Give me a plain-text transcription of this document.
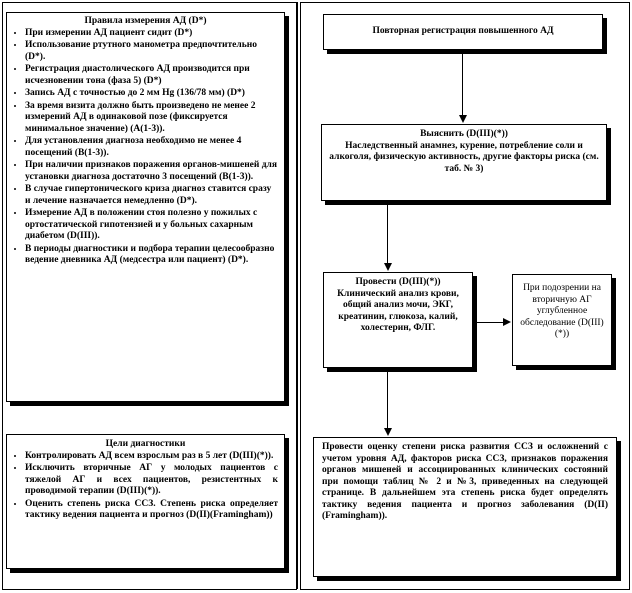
Правила измерения АД (D*)
• При измерении АД пациент сидит (D*)
• Использование ртутного манометра предпочтительно (D*).
• Регистрация диастолического АД производится при исчезновении тона (фаза 5) (D*)
• Запись АД с точностью до 2 мм Hg (136/78 мм) (D*)
• За время визита должно быть произведено не менее 2 измерений АД в одинаковой позе (фиксируется минимальное значение) (A(1-3)).
• Для установления диагноза необходимо не менее 4 посещений (B(1-3)).
• При наличии признаков поражения органов-мишеней для установки диагноза достаточно 3 посещений (B(1-3)).
• В случае гипертонического криза диагноз ставится сразу и лечение назначается немедленно (D*).
• Измерение АД в положении стоя полезно у пожилых с ортостатической гипотензией и у больных сахарным диабетом (D(III)).
• В периоды диагностики и подбора терапии целесообразно ведение дневника АД (медсестра или пациент) (D*).
Цели диагностики
• Контролировать АД всем взрослым раз в 5 лет (D(III)(*)).
• Исключить вторичные АГ у молодых пациентов с тяжелой АГ и всех пациентов, резистентных к проводимой терапии (D(III)(*)).
• Оценить степень риска ССЗ. Степень риска определяет тактику ведения пациента и прогноз (D(II)(Framingham))
Повторная регистрация повышенного АД
Выяснить (D(III)(*))
Наследственный анамнез, курение, потребление соли и алкоголя, физическую активность, другие факторы риска (см. таб. № 3)
Провести (D(III)(*))
Клинический анализ крови, общий анализ мочи, ЭКГ, креатинин, глюкоза, калий, холестерин, ФЛГ.
При подозрении на вторичную АГ углубленное обследование (D(III)(*))
Провести оценку степени риска развития ССЗ и осложнений с учетом уровня АД, факторов риска ССЗ, признаков поражения органов мишеней и ассоциированных клинических состояний при помощи таблиц № 2 и №3, приведенных на следующей странице. В дальнейшем эта степень риска будет определять тактику ведения пациента и прогноз заболевания (D(II)(Framingham)).
